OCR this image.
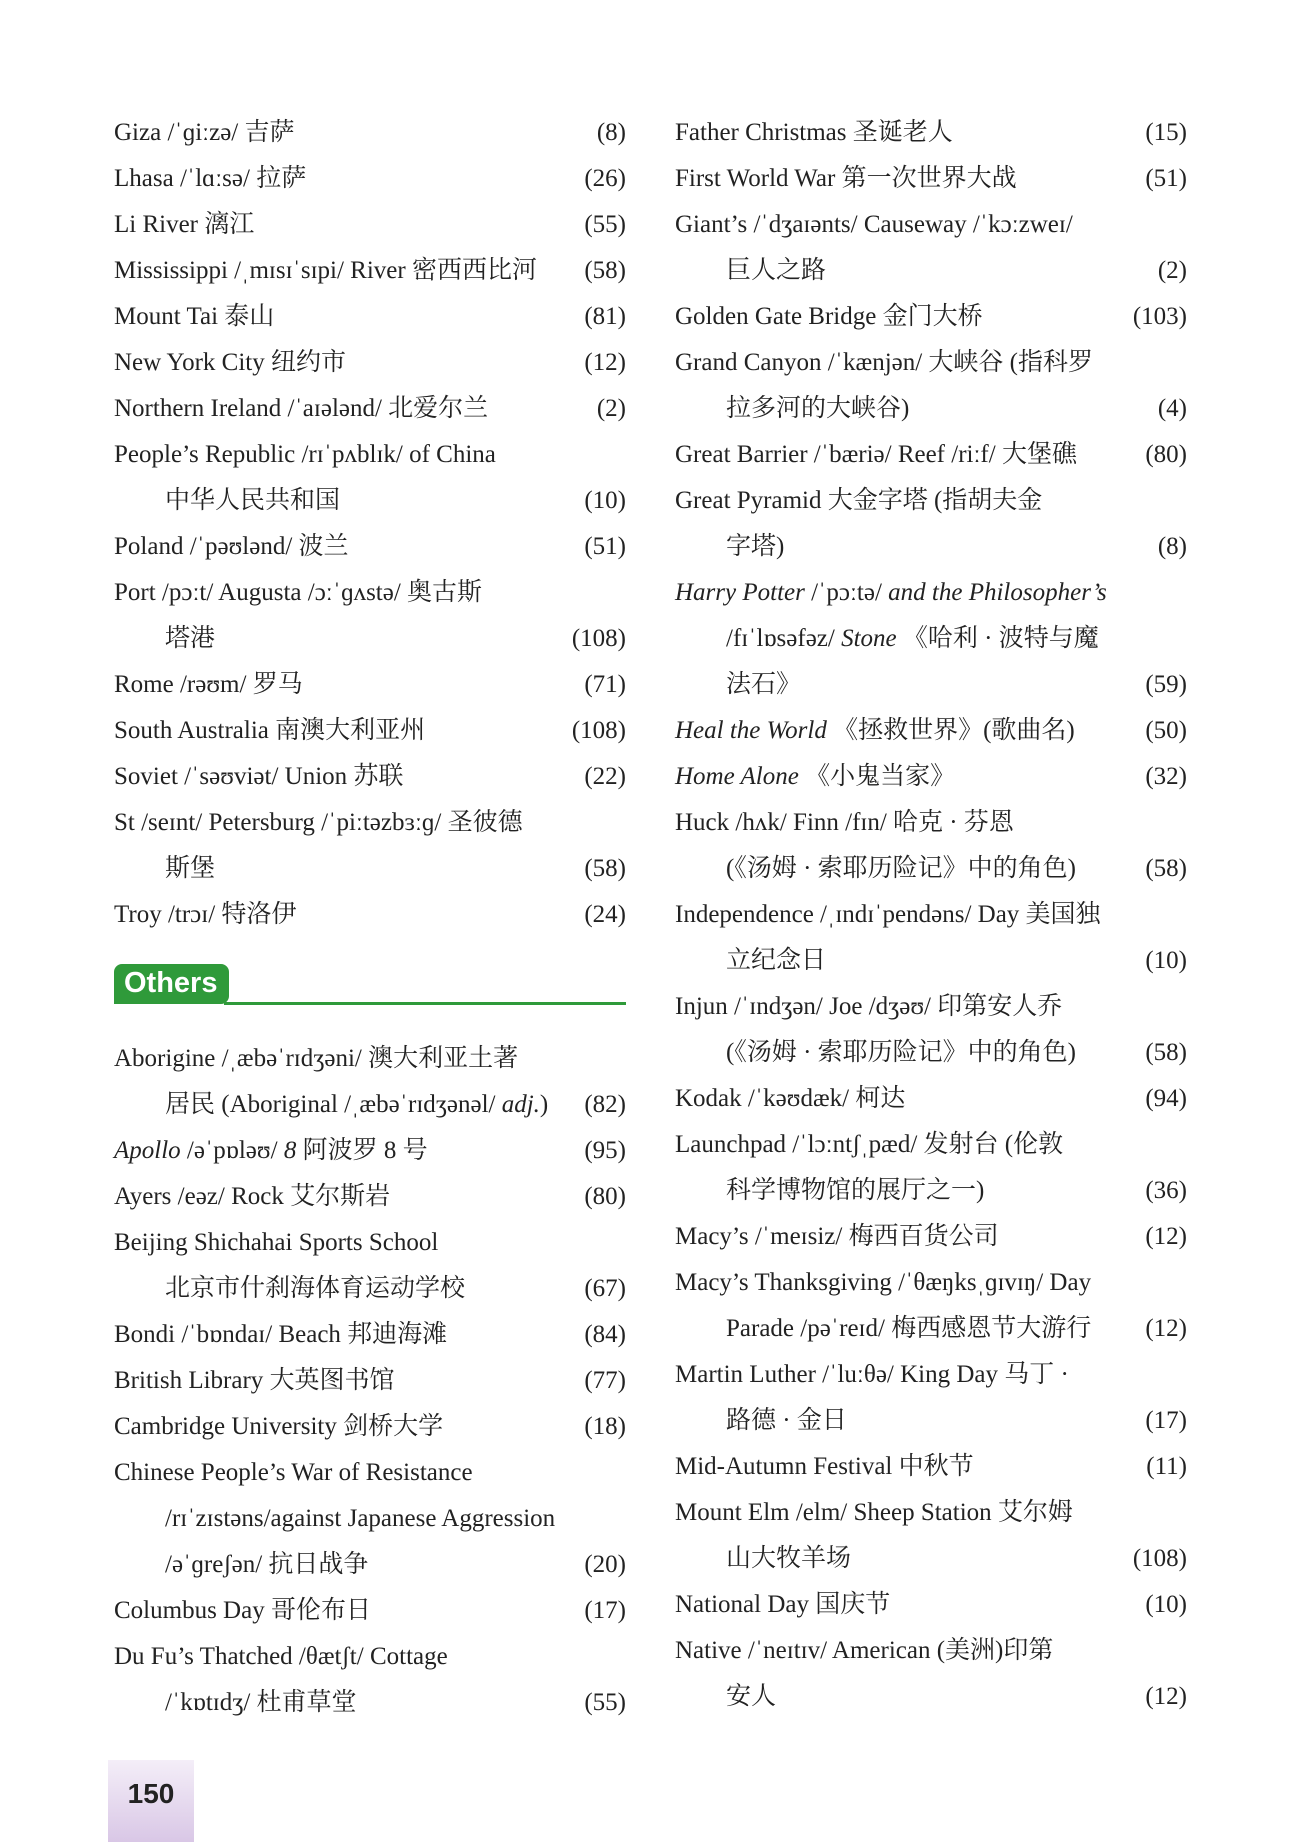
Giza /ˈɡiːzə/ 吉萨	(8)
Lhasa /ˈlɑːsə/ 拉萨	(26)
Li River 漓江	(55)
Mississippi /ˌmɪsɪˈsɪpi/ River 密西西比河 (58)
Mount Tai 泰山	(81)
New York City 纽约市	(12)
Northern Ireland /ˈaɪələnd/ 北爱尔兰	(2)
People’s Republic /rɪˈpʌblɪk/ of China
中华人民共和国	(10)
Poland /ˈpəʊlənd/ 波兰	(51)
Port /pɔːt/ Augusta /ɔːˈɡʌstə/ 奥古斯
塔港	(108)
Rome /rəʊm/ 罗马	(71)
South Australia 南澳大利亚州	(108)
Soviet /ˈsəʊviət/ Union 苏联	(22)
St /seɪnt/ Petersburg /ˈpiːtəzbɜːɡ/ 圣彼德
斯堡	(58)
Troy /trɔɪ/ 特洛伊	(24)
Others
Aborigine /ˌæbəˈrɪdʒəni/ 澳大利亚土著
居民 (Aboriginal /ˌæbəˈrɪdʒənəl/ adj.) (82)
Apollo /əˈpɒləʊ/ 8 阿波罗 8 号	(95)
Ayers /eəz/ Rock 艾尔斯岩	(80)
Beijing Shichahai Sports School
北京市什刹海体育运动学校	(67)
Bondi /ˈbɒndaɪ/ Beach 邦迪海滩	(84)
British Library 大英图书馆	(77)
Cambridge University 剑桥大学	(18)
Chinese People’s War of Resistance
/rɪˈzɪstəns/against Japanese Aggression
/əˈɡreʃən/ 抗日战争	(20)
Columbus Day 哥伦布日	(17)
Du Fu’s Thatched /θætʃt/ Cottage
/ˈkɒtɪdʒ/ 杜甫草堂	(55)
Father Christmas 圣诞老人	(15)
First World War 第一次世界大战	(51)
Giant’s /ˈdʒaɪənts/ Causeway /ˈkɔːzweɪ/
巨人之路	(2)
Golden Gate Bridge 金门大桥	(103)
Grand Canyon /ˈkænjən/ 大峡谷 (指科罗
拉多河的大峡谷)	(4)
Great Barrier /ˈbæriə/ Reef /riːf/ 大堡礁	(80)
Great Pyramid 大金字塔 (指胡夫金
字塔)	(8)
Harry Potter /ˈpɔːtə/ and the Philosopher’s
/fɪˈlɒsəfəz/ Stone 《哈利 · 波特与魔
法石》	(59)
Heal the World 《拯救世界》(歌曲名)	(50)
Home Alone 《小鬼当家》	(32)
Huck /hʌk/ Finn /fɪn/ 哈克 · 芬恩
(《汤姆 · 索耶历险记》中的角色)	(58)
Independence /ˌɪndɪˈpendəns/ Day 美国独
立纪念日	(10)
Injun /ˈɪndʒən/ Joe /dʒəʊ/ 印第安人乔
(《汤姆 · 索耶历险记》中的角色)	(58)
Kodak /ˈkəʊdæk/ 柯达	(94)
Launchpad /ˈlɔːntʃˌpæd/ 发射台 (伦敦
科学博物馆的展厅之一)	(36)
Macy’s /ˈmeɪsiz/ 梅西百货公司	(12)
Macy’s Thanksgiving /ˈθæŋksˌɡɪvɪŋ/ Day
Parade /pəˈreɪd/ 梅西感恩节大游行 (12)
Martin Luther /ˈluːθə/ King Day 马丁 ·
路德 · 金日	(17)
Mid-Autumn Festival 中秋节	(11)
Mount Elm /elm/ Sheep Station 艾尔姆
山大牧羊场	(108)
National Day 国庆节	(10)
Native /ˈneɪtɪv/ American (美洲)印第
安人	(12)
150
